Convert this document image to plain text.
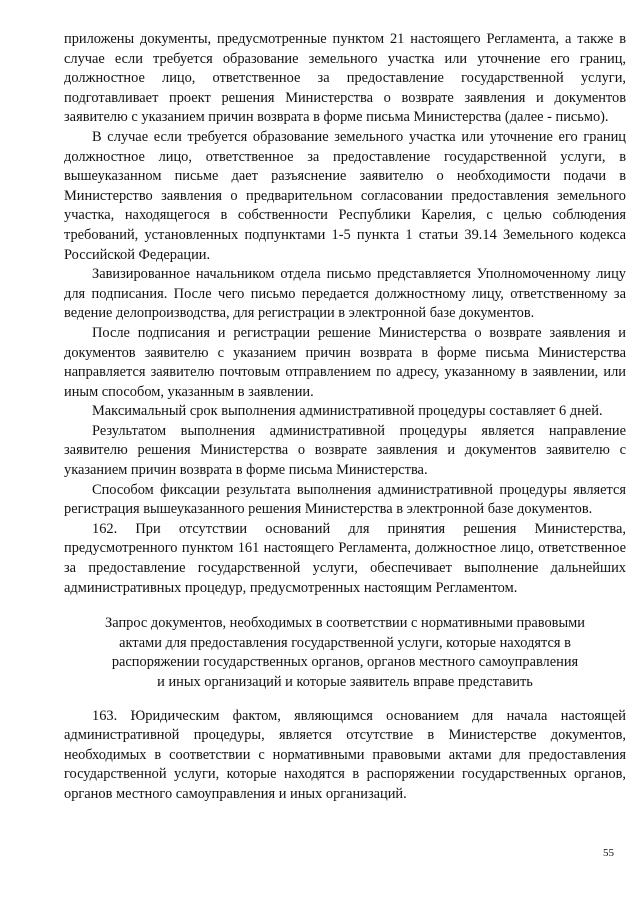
приложены документы, предусмотренные пунктом 21 настоящего Регламента, а также в случае если требуется образование земельного участка или уточнение его границ, должностное лицо, ответственное за предоставление государственной услуги, подготавливает проект решения Министерства о возврате заявления и документов заявителю с указанием причин возврата в форме письма Министерства (далее - письмо).

В случае если требуется образование земельного участка или уточнение его границ должностное лицо, ответственное за предоставление государственной услуги, в вышеуказанном письме дает разъяснение заявителю о необходимости подачи в Министерство заявления о предварительном согласовании предоставления земельного участка, находящегося в собственности Республики Карелия, с целью соблюдения требований, установленных подпунктами 1-5 пункта 1 статьи 39.14 Земельного кодекса Российской Федерации.

Завизированное начальником отдела письмо представляется Уполномоченному лицу для подписания. После чего письмо передается должностному лицу, ответственному за ведение делопроизводства, для регистрации в электронной базе документов.

После подписания и регистрации решение Министерства о возврате заявления и документов заявителю с указанием причин возврата в форме письма Министерства направляется заявителю почтовым отправлением по адресу, указанному в заявлении, или иным способом, указанным в заявлении.

Максимальный срок выполнения административной процедуры составляет 6 дней.

Результатом выполнения административной процедуры является направление заявителю решения Министерства о возврате заявления и документов заявителю с указанием причин возврата в форме письма Министерства.

Способом фиксации результата выполнения административной процедуры является регистрация вышеуказанного решения Министерства в электронной базе документов.

162. При отсутствии оснований для принятия решения Министерства, предусмотренного пунктом 161 настоящего Регламента, должностное лицо, ответственное за предоставление государственной услуги, обеспечивает выполнение дальнейших административных процедур, предусмотренных настоящим Регламентом.

Запрос документов, необходимых в соответствии с нормативными правовыми
актами для предоставления государственной услуги, которые находятся в
распоряжении государственных органов, органов местного самоуправления
и иных организаций и которые заявитель вправе представить

163. Юридическим фактом, являющимся основанием для начала настоящей административной процедуры, является отсутствие в Министерстве документов, необходимых в соответствии с нормативными правовыми актами для предоставления государственной услуги, которые находятся в распоряжении государственных органов, органов местного самоуправления и иных организаций.

55
